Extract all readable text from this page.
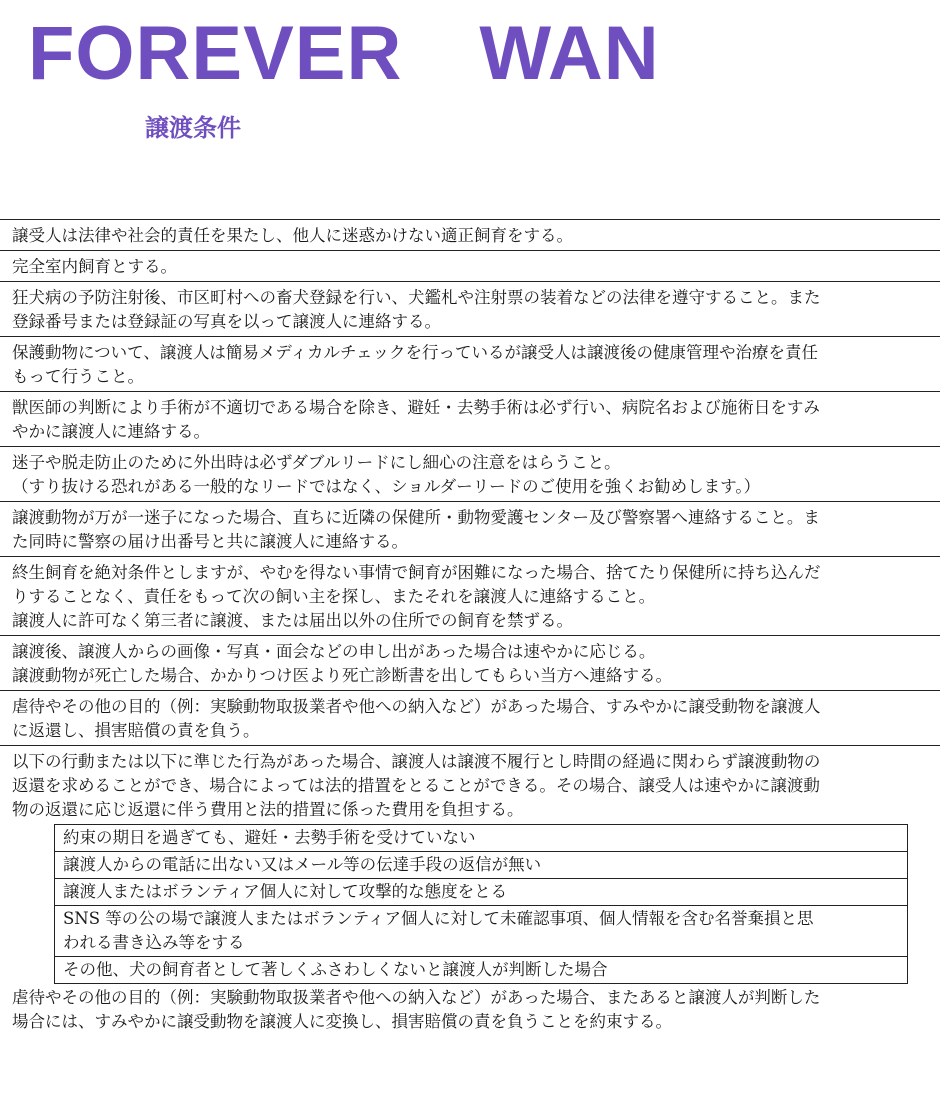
FOREVER　WAN
譲渡条件
譲受人は法律や社会的責任を果たし、他人に迷惑かけない適正飼育をする。
完全室内飼育とする。
狂犬病の予防注射後、市区町村への畜犬登録を行い、犬鑑札や注射票の装着などの法律を遵守すること。また
登録番号または登録証の写真を以って譲渡人に連絡する。
保護動物について、譲渡人は簡易メディカルチェックを行っているが譲受人は譲渡後の健康管理や治療を責任
もって行うこと。
獣医師の判断により手術が不適切である場合を除き、避妊・去勢手術は必ず行い、病院名および施術日をすみ
やかに譲渡人に連絡する。
迷子や脱走防止のために外出時は必ずダブルリードにし細心の注意をはらうこと。
（すり抜ける恐れがある一般的なリードではなく、ショルダーリードのご使用を強くお勧めします。）
譲渡動物が万が一迷子になった場合、直ちに近隣の保健所・動物愛護センター及び警察署へ連絡すること。ま
た同時に警察の届け出番号と共に譲渡人に連絡する。
終生飼育を絶対条件としますが、やむを得ない事情で飼育が困難になった場合、捨てたり保健所に持ち込んだ
りすることなく、責任をもって次の飼い主を探し、またそれを譲渡人に連絡すること。
譲渡人に許可なく第三者に譲渡、または届出以外の住所での飼育を禁ずる。
譲渡後、譲渡人からの画像・写真・面会などの申し出があった場合は速やかに応じる。
譲渡動物が死亡した場合、かかりつけ医より死亡診断書を出してもらい当方へ連絡する。
虐待やその他の目的（例：実験動物取扱業者や他への納入など）があった場合、すみやかに譲受動物を譲渡人
に返還し、損害賠償の責を負う。
以下の行動または以下に準じた行為があった場合、譲渡人は譲渡不履行とし時間の経過に関わらず譲渡動物の
返還を求めることができ、場合によっては法的措置をとることができる。その場合、譲受人は速やかに譲渡動
物の返還に応じ返還に伴う費用と法的措置に係った費用を負担する。
約束の期日を過ぎても、避妊・去勢手術を受けていない
譲渡人からの電話に出ない又はメール等の伝達手段の返信が無い
譲渡人またはボランティア個人に対して攻撃的な態度をとる
SNS 等の公の場で譲渡人またはボランティア個人に対して未確認事項、個人情報を含む名誉棄損と思
われる書き込み等をする
その他、犬の飼育者として著しくふさわしくないと譲渡人が判断した場合
虐待やその他の目的（例：実験動物取扱業者や他への納入など）があった場合、またあると譲渡人が判断した
場合には、すみやかに譲受動物を譲渡人に変換し、損害賠償の責を負うことを約束する。
